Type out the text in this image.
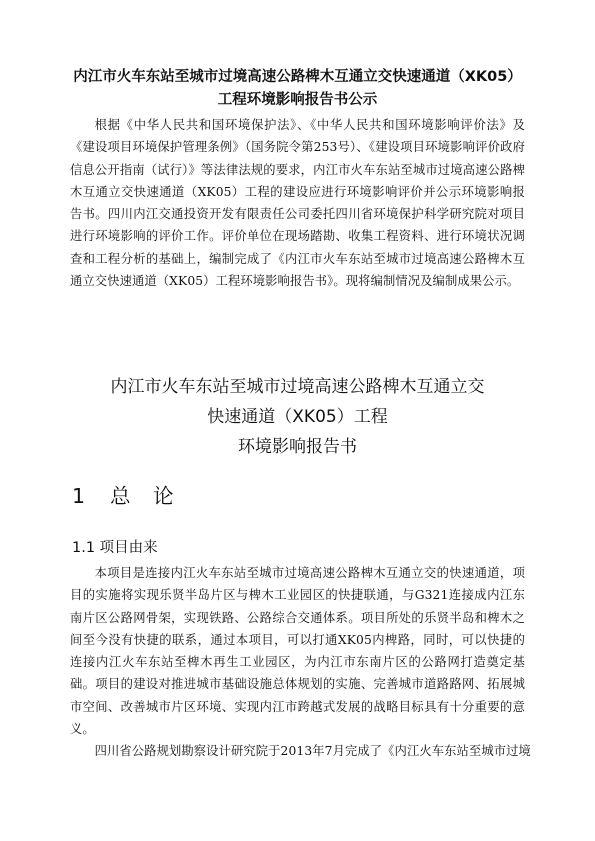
内江市火车东站至城市过境高速公路椑木互通立交快速通道（XK05）
工程环境影响报告书公示

根据《中华人民共和国环境保护法》、《中华人民共和国环境影响评价法》及《建设项目环境保护管理条例》（国务院令第253号）、《建设项目环境影响评价政府信息公开指南（试行）》等法律法规的要求，内江市火车东站至城市过境高速公路椑木互通立交快速通道（XK05）工程的建设应进行环境影响评价并公示环境影响报告书。四川内江交通投资开发有限责任公司委托四川省环境保护科学研究院对项目进行环境影响的评价工作。评价单位在现场踏勘、收集工程资料、进行环境状况调查和工程分析的基础上，编制完成了《内江市火车东站至城市过境高速公路椑木互通立交快速通道（XK05）工程环境影响报告书》。现将编制情况及编制成果公示。

内江市火车东站至城市过境高速公路椑木互通立交
快速通道（XK05）工程
环境影响报告书
1 总　论
1.1 项目由来

本项目是连接内江火车东站至城市过境高速公路椑木互通立交的快速通道，项目的实施将实现乐贤半岛片区与椑木工业园区的快捷联通，与G321连接成内江东南片区公路网骨架，实现铁路、公路综合交通体系。项目所处的乐贤半岛和椑木之间至今没有快捷的联系，通过本项目，可以打通XK05内椑路，同时，可以快捷的连接内江火车东站至椑木再生工业园区，为内江市东南片区的公路网打造奠定基础。项目的建设对推进城市基础设施总体规划的实施、完善城市道路路网、拓展城市空间、改善城市片区环境、实现内江市跨越式发展的战略目标具有十分重要的意义。

四川省公路规划勘察设计研究院于2013年7月完成了《内江火车东站至城市过境
